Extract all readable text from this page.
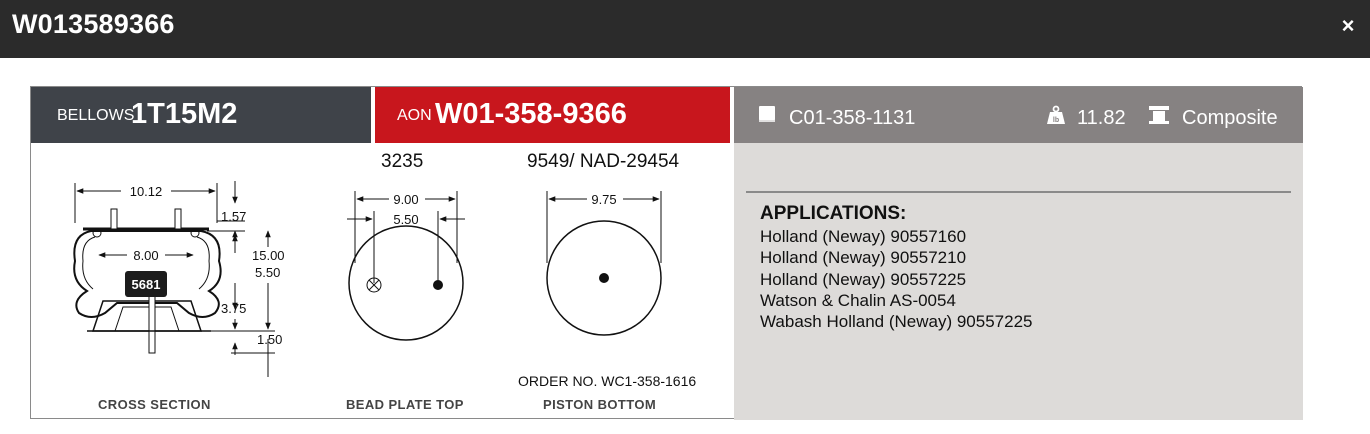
W013589366	×
BELLOWS
1T15M2	AON W01-358-9366	C01-358-1131	lb 11.82	Composite
5681
10.12
8.00
1.57
15.00
5.50
3.75
1.50
9.00
5.50
9.75
3235	9549/ NAD-29454
ORDER NO. WC1-358-1616
CROSS SECTION	BEAD PLATE TOP	PISTON BOTTOM
APPLICATIONS:
Holland (Neway) 90557160
Holland (Neway) 90557210
Holland (Neway) 90557225
Watson & Chalin AS-0054
Wabash Holland (Neway) 90557225
